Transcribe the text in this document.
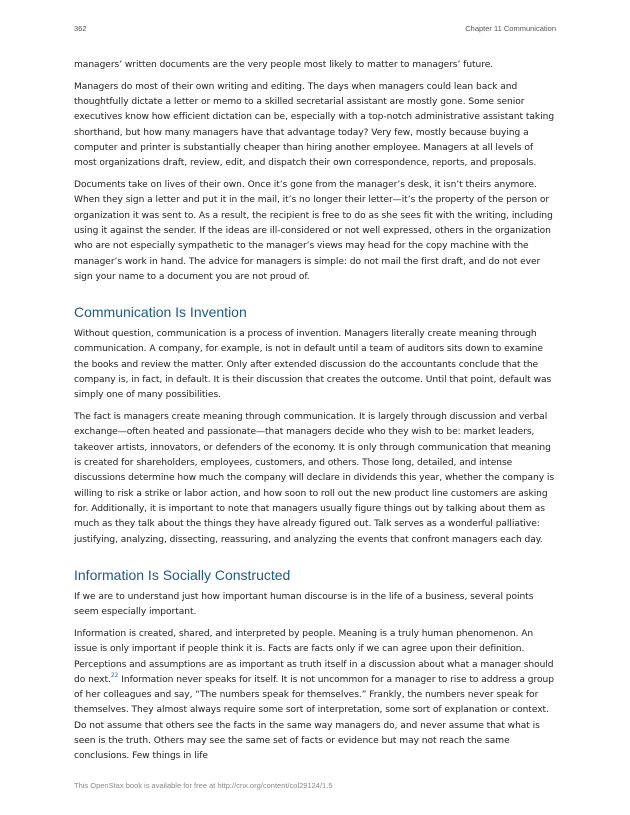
362	Chapter 11 Communication

managers’ written documents are the very people most likely to matter to managers’ future.

Managers do most of their own writing and editing. The days when managers could lean back and thoughtfully dictate a letter or memo to a skilled secretarial assistant are mostly gone. Some senior executives know how efficient dictation can be, especially with a top-notch administrative assistant taking shorthand, but how many managers have that advantage today? Very few, mostly because buying a computer and printer is substantially cheaper than hiring another employee. Managers at all levels of most organizations draft, review, edit, and dispatch their own correspondence, reports, and proposals.

Documents take on lives of their own. Once it’s gone from the manager’s desk, it isn’t theirs anymore. When they sign a letter and put it in the mail, it’s no longer their letter—it’s the property of the person or organization it was sent to. As a result, the recipient is free to do as she sees fit with the writing, including using it against the sender. If the ideas are ill-considered or not well expressed, others in the organization who are not especially sympathetic to the manager’s views may head for the copy machine with the manager’s work in hand. The advice for managers is simple: do not mail the first draft, and do not ever sign your name to a document you are not proud of.

Communication Is Invention

Without question, communication is a process of invention. Managers literally create meaning through communication. A company, for example, is not in default until a team of auditors sits down to examine the books and review the matter. Only after extended discussion do the accountants conclude that the company is, in fact, in default. It is their discussion that creates the outcome. Until that point, default was simply one of many possibilities.

The fact is managers create meaning through communication. It is largely through discussion and verbal exchange—often heated and passionate—that managers decide who they wish to be: market leaders, takeover artists, innovators, or defenders of the economy. It is only through communication that meaning is created for shareholders, employees, customers, and others. Those long, detailed, and intense discussions determine how much the company will declare in dividends this year, whether the company is willing to risk a strike or labor action, and how soon to roll out the new product line customers are asking for. Additionally, it is important to note that managers usually figure things out by talking about them as much as they talk about the things they have already figured out. Talk serves as a wonderful palliative: justifying, analyzing, dissecting, reassuring, and analyzing the events that confront managers each day.

Information Is Socially Constructed

If we are to understand just how important human discourse is in the life of a business, several points seem especially important.

Information is created, shared, and interpreted by people. Meaning is a truly human phenomenon. An issue is only important if people think it is. Facts are facts only if we can agree upon their definition. Perceptions and assumptions are as important as truth itself in a discussion about what a manager should do next.$^{22}$ Information never speaks for itself. It is not uncommon for a manager to rise to address a group of her colleagues and say, “The numbers speak for themselves.” Frankly, the numbers never speak for themselves. They almost always require some sort of interpretation, some sort of explanation or context. Do not assume that others see the facts in the same way managers do, and never assume that what is seen is the truth. Others may see the same set of facts or evidence but may not reach the same conclusions. Few things in life

This OpenStax book is available for free at http://cnx.org/content/col29124/1.5
